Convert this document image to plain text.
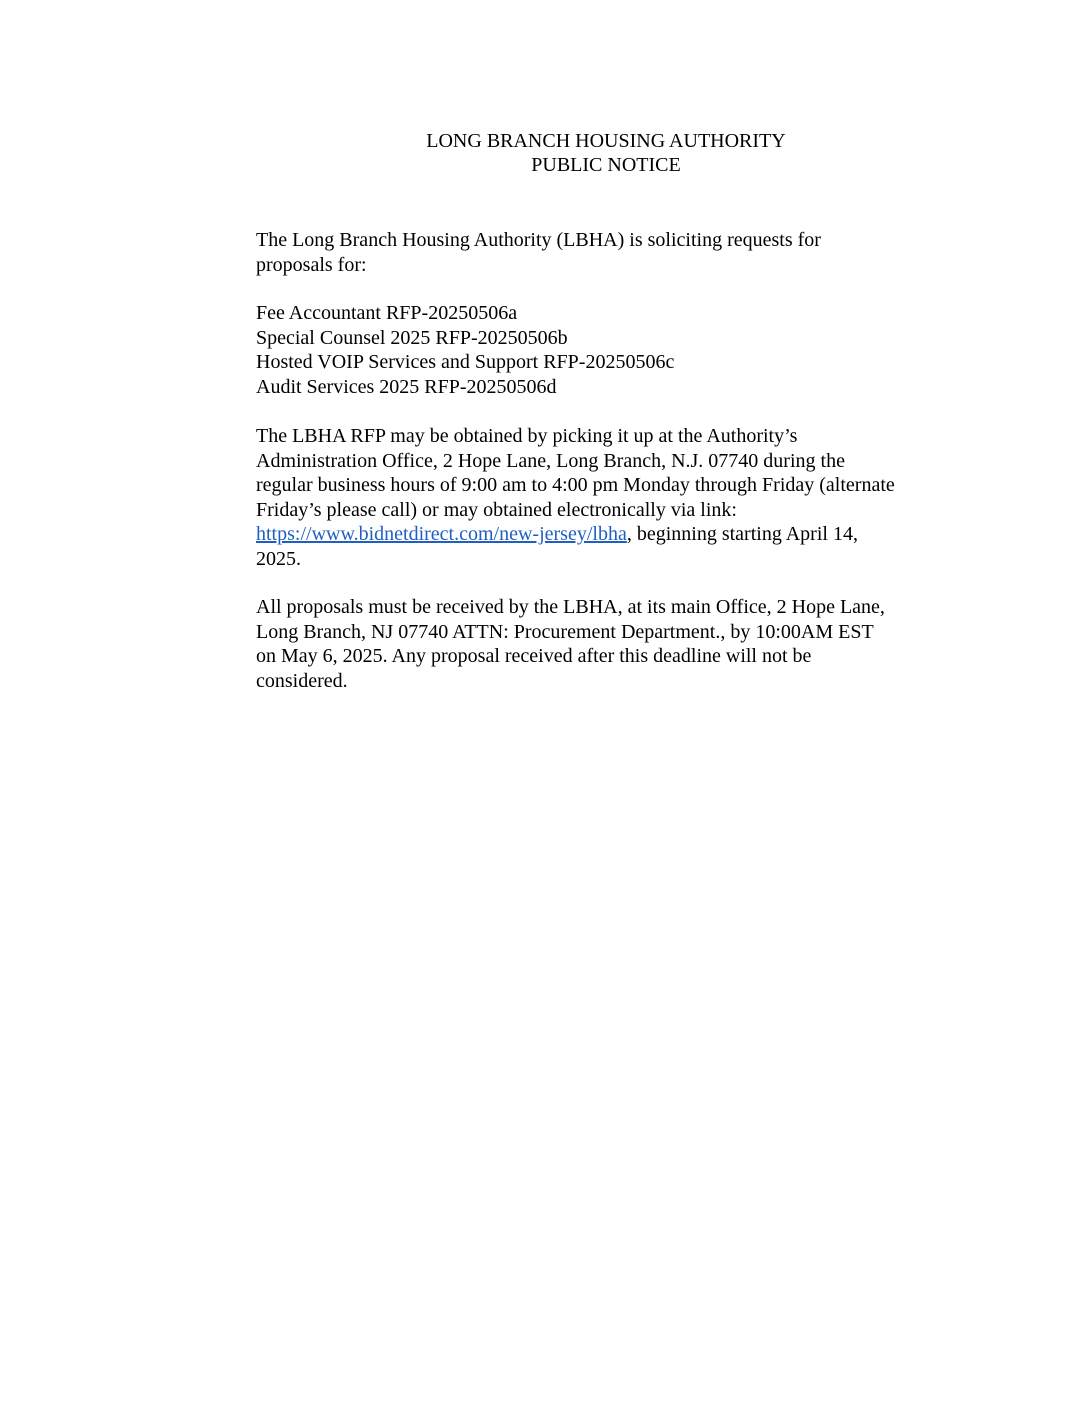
LONG BRANCH HOUSING AUTHORITY
PUBLIC NOTICE
The Long Branch Housing Authority (LBHA) is soliciting requests for
proposals for:
Fee Accountant RFP-20250506a
Special Counsel 2025 RFP-20250506b
Hosted VOIP Services and Support RFP-20250506c
Audit Services 2025 RFP-20250506d
The LBHA RFP may be obtained by picking it up at the Authority’s
Administration Office, 2 Hope Lane, Long Branch, N.J. 07740 during the
regular business hours of 9:00 am to 4:00 pm Monday through Friday (alternate
Friday’s please call) or may obtained electronically via link:
https://www.bidnetdirect.com/new-jersey/lbha, beginning starting April 14,
2025.
All proposals must be received by the LBHA, at its main Office, 2 Hope Lane,
Long Branch, NJ 07740 ATTN: Procurement Department., by 10:00AM EST
on May 6, 2025. Any proposal received after this deadline will not be
considered.
